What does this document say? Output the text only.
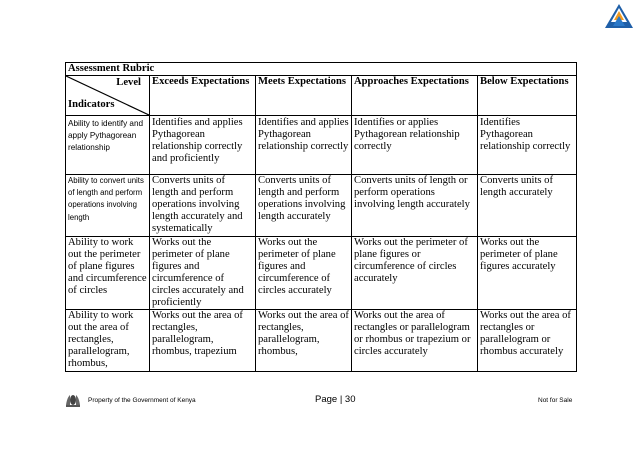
Assessment Rubric				

Level
Indicators	Exceeds Expectations	Meets Expectations	Approaches Expectations	Below Expectations
Ability to identify and apply Pythagorean relationship	Identifies and applies Pythagorean relationship correctly and proficiently	Identifies and applies Pythagorean relationship correctly	Identifies or applies Pythagorean relationship correctly	Identifies Pythagorean relationship correctly
Ability to convert units of length and perform operations involving length	Converts units of length and perform operations involving length accurately and systematically	Converts units of length and perform operations involving length accurately	Converts units of length or perform operations involving length accurately	Converts units of length accurately
Ability to work out the perimeter of plane figures and circumference of circles	Works out the perimeter of plane figures and circumference of circles accurately and proficiently	Works out the perimeter of plane figures and circumference of circles accurately	Works out the perimeter of plane figures or circumference of circles accurately	Works out the perimeter of plane figures accurately
Ability to work out the area of rectangles, parallelogram, rhombus,	Works out the area of rectangles, parallelogram, rhombus, trapezium	Works out the area of rectangles, parallelogram, rhombus,	Works out the area of rectangles or parallelogram or rhombus or trapezium or circles accurately	Works out the area of rectangles or parallelogram or rhombus accurately
Property of the Government of Kenya	Page | 30	Not for Sale
